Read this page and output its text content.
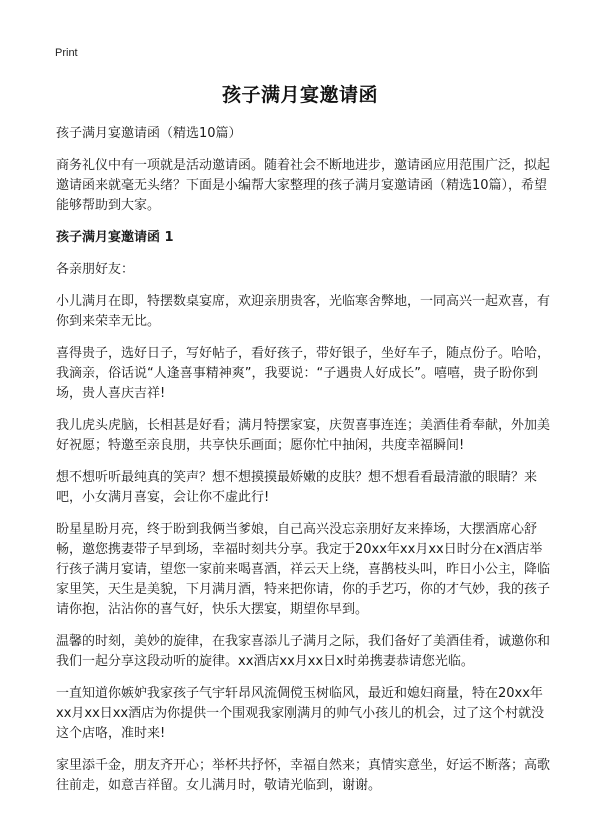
Print
孩子满月宴邀请函

孩子满月宴邀请函（精选10篇）

商务礼仪中有一项就是活动邀请函。随着社会不断地进步，邀请函应用范围广泛，拟起邀请函来就毫无头绪？下面是小编帮大家整理的孩子满月宴邀请函（精选10篇），希望能够帮助到大家。

孩子满月宴邀请函 1

各亲朋好友：

小儿满月在即，特摆数桌宴席，欢迎亲朋贵客，光临寒舍弊地，一同高兴一起欢喜，有你到来荣幸无比。

喜得贵子，选好日子，写好帖子，看好孩子，带好银子，坐好车子，随点份子。哈哈，我滴亲，俗话说“人逢喜事精神爽”，我要说：“子遇贵人好成长”。嘻嘻，贵子盼你到场，贵人喜庆吉祥!

我儿虎头虎脑，长相甚是好看；满月特摆家宴，庆贺喜事连连；美酒佳肴奉献，外加美好祝愿；特邀至亲良朋，共享快乐画面；愿你忙中抽闲，共度幸福瞬间!

想不想听听最纯真的笑声？想不想摸摸最娇嫩的皮肤？想不想看看最清澈的眼睛？来吧，小女满月喜宴，会让你不虚此行!

盼星星盼月亮，终于盼到我俩当爹娘，自己高兴没忘亲朋好友来捧场，大摆酒席心舒畅，邀您携妻带子早到场，幸福时刻共分享。我定于20xx年xx月xx日时分在x酒店举行孩子满月宴请，望您一家前来喝喜酒，祥云天上绕，喜鹊枝头叫，昨日小公主，降临家里笑，天生是美貌，下月满月酒，特来把你请，你的手艺巧，你的才气妙，我的孩子请你抱，沾沾你的喜气好，快乐大摆宴，期望你早到。

温馨的时刻，美妙的旋律，在我家喜添儿子满月之际，我们备好了美酒佳肴，诚邀你和我们一起分享这段动听的旋律。xx酒店xx月xx日x时弟携妻恭请您光临。

一直知道你嫉妒我家孩子气宇轩昂风流倜傥玉树临风，最近和媳妇商量，特在20xx年xx月xx日xx酒店为你提供一个围观我家刚满月的帅气小孩儿的机会，过了这个村就没这个店咯，准时来!

家里添千金，朋友齐开心；举杯共抒怀，幸福自然来；真情实意坐，好运不断落；高歌往前走，如意吉祥留。女儿满月时，敬请光临到，谢谢。
